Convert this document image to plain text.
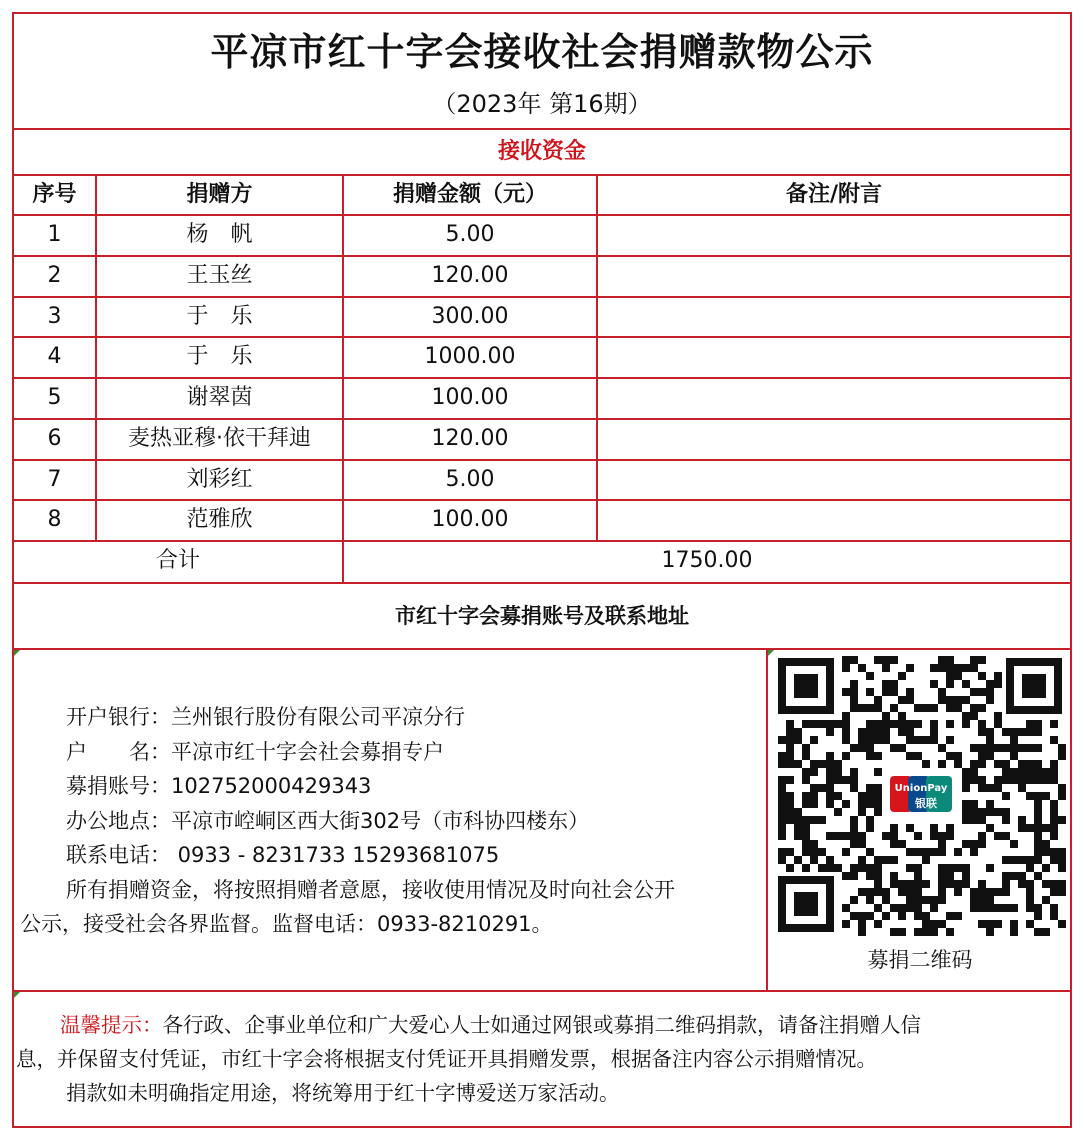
平凉市红十字会接收社会捐赠款物公示
（2023年 第16期）
接收资金
序号	捐赠方	捐赠金额（元）	备注/附言
1	杨　帆	5.00
2	王玉丝	120.00
3	于　乐	300.00
4	于　乐	1000.00
5	谢翠茵	100.00
6	麦热亚穆·依干拜迪	120.00
7	刘彩红	5.00
8	范雅欣	100.00
合计	1750.00
市红十字会募捐账号及联系地址
开户银行：兰州银行股份有限公司平凉分行
户　　名：平凉市红十字会社会募捐专户
募捐账号：102752000429343
办公地点：平凉市崆峒区西大街302号（市科协四楼东）
联系电话： 0933 - 8231733 15293681075
所有捐赠资金，将按照捐赠者意愿，接收使用情况及时向社会公开
公示，接受社会各界监督。监督电话：0933-8210291。
UnionPay
银联
募捐二维码

温馨提示：各行政、企事业单位和广大爱心人士如通过网银或募捐二维码捐款，请备注捐赠人信

息，并保留支付凭证，市红十字会将根据支付凭证开具捐赠发票，根据备注内容公示捐赠情况。

捐款如未明确指定用途，将统筹用于红十字博爱送万家活动。
